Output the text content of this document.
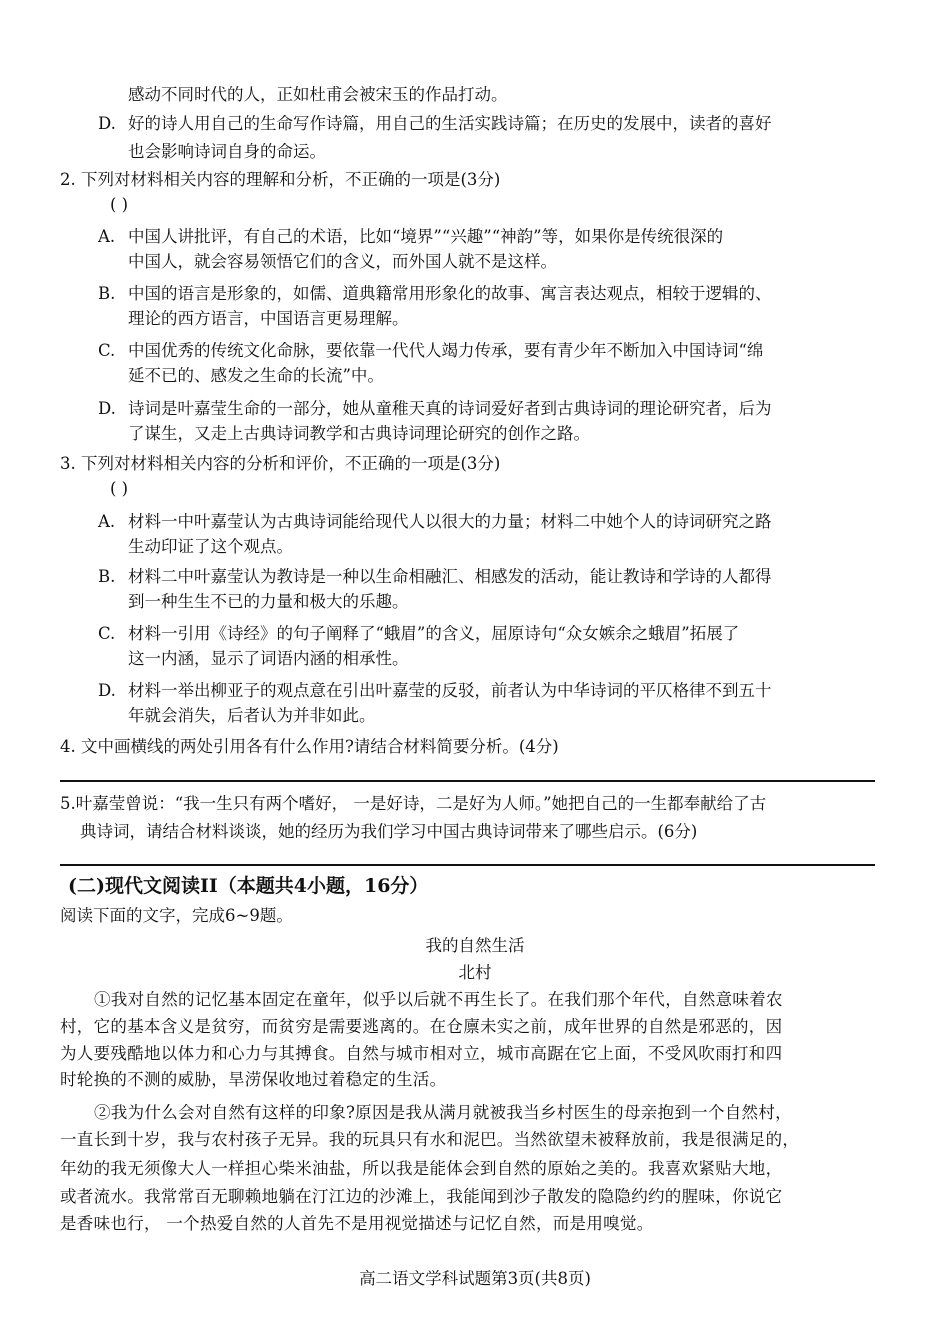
感动不同时代的人，正如杜甫会被宋玉的作品打动。
D. 好的诗人用自己的生命写作诗篇，用自己的生活实践诗篇；在历史的发展中，读者的喜好
也会影响诗词自身的命运。
2. 下列对材料相关内容的理解和分析，不正确的一项是(3分)
( )
A. 中国人讲批评，有自己的术语，比如“境界”“兴趣”“神韵”等，如果你是传统很深的
中国人，就会容易领悟它们的含义，而外国人就不是这样。
B. 中国的语言是形象的，如儒、道典籍常用形象化的故事、寓言表达观点，相较于逻辑的、
理论的西方语言，中国语言更易理解。
C. 中国优秀的传统文化命脉，要依靠一代代人竭力传承，要有青少年不断加入中国诗词“绵
延不已的、感发之生命的长流”中。
D. 诗词是叶嘉莹生命的一部分，她从童稚天真的诗词爱好者到古典诗词的理论研究者，后为
了谋生，又走上古典诗词教学和古典诗词理论研究的创作之路。
3. 下列对材料相关内容的分析和评价，不正确的一项是(3分)
( )
A. 材料一中叶嘉莹认为古典诗词能给现代人以很大的力量；材料二中她个人的诗词研究之路
生动印证了这个观点。
B. 材料二中叶嘉莹认为教诗是一种以生命相融汇、相感发的活动，能让教诗和学诗的人都得
到一种生生不已的力量和极大的乐趣。
C. 材料一引用《诗经》的句子阐释了“蛾眉”的含义，屈原诗句“众女嫉余之蛾眉”拓展了
这一内涵，显示了词语内涵的相承性。
D. 材料一举出柳亚子的观点意在引出叶嘉莹的反驳，前者认为中华诗词的平仄格律不到五十
年就会消失，后者认为并非如此。
4. 文中画横线的两处引用各有什么作用?请结合材料简要分析。(4分)
5.叶嘉莹曾说：“我一生只有两个嗜好， 一是好诗，二是好为人师。”她把自己的一生都奉献给了古
典诗词，请结合材料谈谈，她的经历为我们学习中国古典诗词带来了哪些启示。(6分)
(二)现代文阅读II（本题共4小题，16分）
阅读下面的文字，完成6~9题。
我的自然生活
北村
①我对自然的记忆基本固定在童年，似乎以后就不再生长了。在我们那个年代，自然意味着农
村，它的基本含义是贫穷，而贫穷是需要逃离的。在仓廪未实之前，成年世界的自然是邪恶的，因
为人要残酷地以体力和心力与其搏食。自然与城市相对立，城市高踞在它上面，不受风吹雨打和四
时轮换的不测的威胁，旱涝保收地过着稳定的生活。
②我为什么会对自然有这样的印象?原因是我从满月就被我当乡村医生的母亲抱到一个自然村，
一直长到十岁，我与农村孩子无异。我的玩具只有水和泥巴。当然欲望未被释放前，我是很满足的，
年幼的我无须像大人一样担心柴米油盐，所以我是能体会到自然的原始之美的。我喜欢紧贴大地，
或者流水。我常常百无聊赖地躺在汀江边的沙滩上，我能闻到沙子散发的隐隐约约的腥味，你说它
是香味也行， 一个热爱自然的人首先不是用视觉描述与记忆自然，而是用嗅觉。
高二语文学科试题第3页(共8页)
